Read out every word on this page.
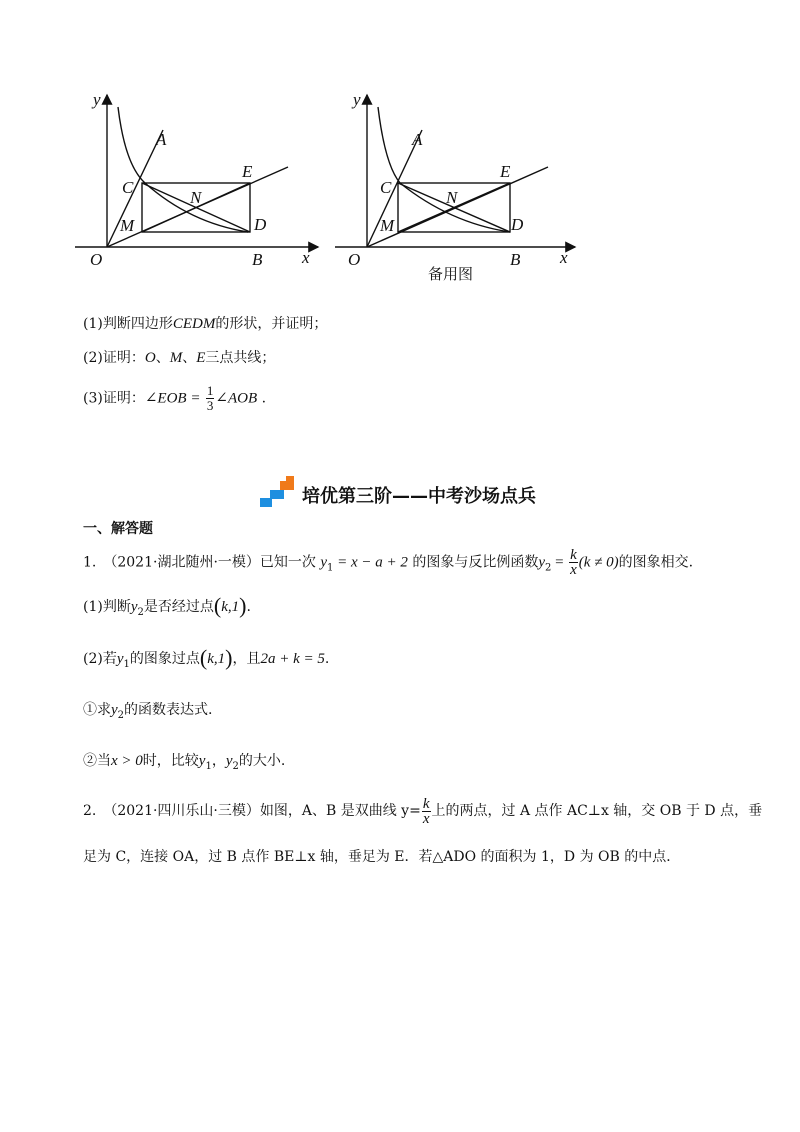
y
x
O
A
C
M
N
E
D
B
y
x
O
A
C
M
N
E
D
B
备用图
(1)判断四边形CEDM的形状，并证明；
(2)证明：O、M、E三点共线；
(3)证明：∠EOB = $\frac{1}{3}$ ∠AOB .
培优第三阶——中考沙场点兵
一、解答题
1.　 （2021·湖北随州·一模）已知一次 $y_1 = x - a + 2$ 的图象与反比例函数$y_2 = \frac{k}{x} (k \ne 0)$的图象相交.
(1)判断$y_2$是否经过点(k,1).
(2)若$y_1$的图象过点(k,1)，且2a + k = 5.
①求$y_2$的函数表达式.
②当x > 0时，比较$y_1$，$y_2$的大小.
2.　（2021·四川乐山·三模）如图，A、B 是双曲线 $y= \frac{k}{x}$ 上的两点，过 A 点作 AC⊥x 轴，交 OB 于 D 点，垂
足为 C，连接 OA，过 B 点作 BE⊥x 轴，垂足为 E．若△ADO 的面积为 1，D 为 OB 的中点．
